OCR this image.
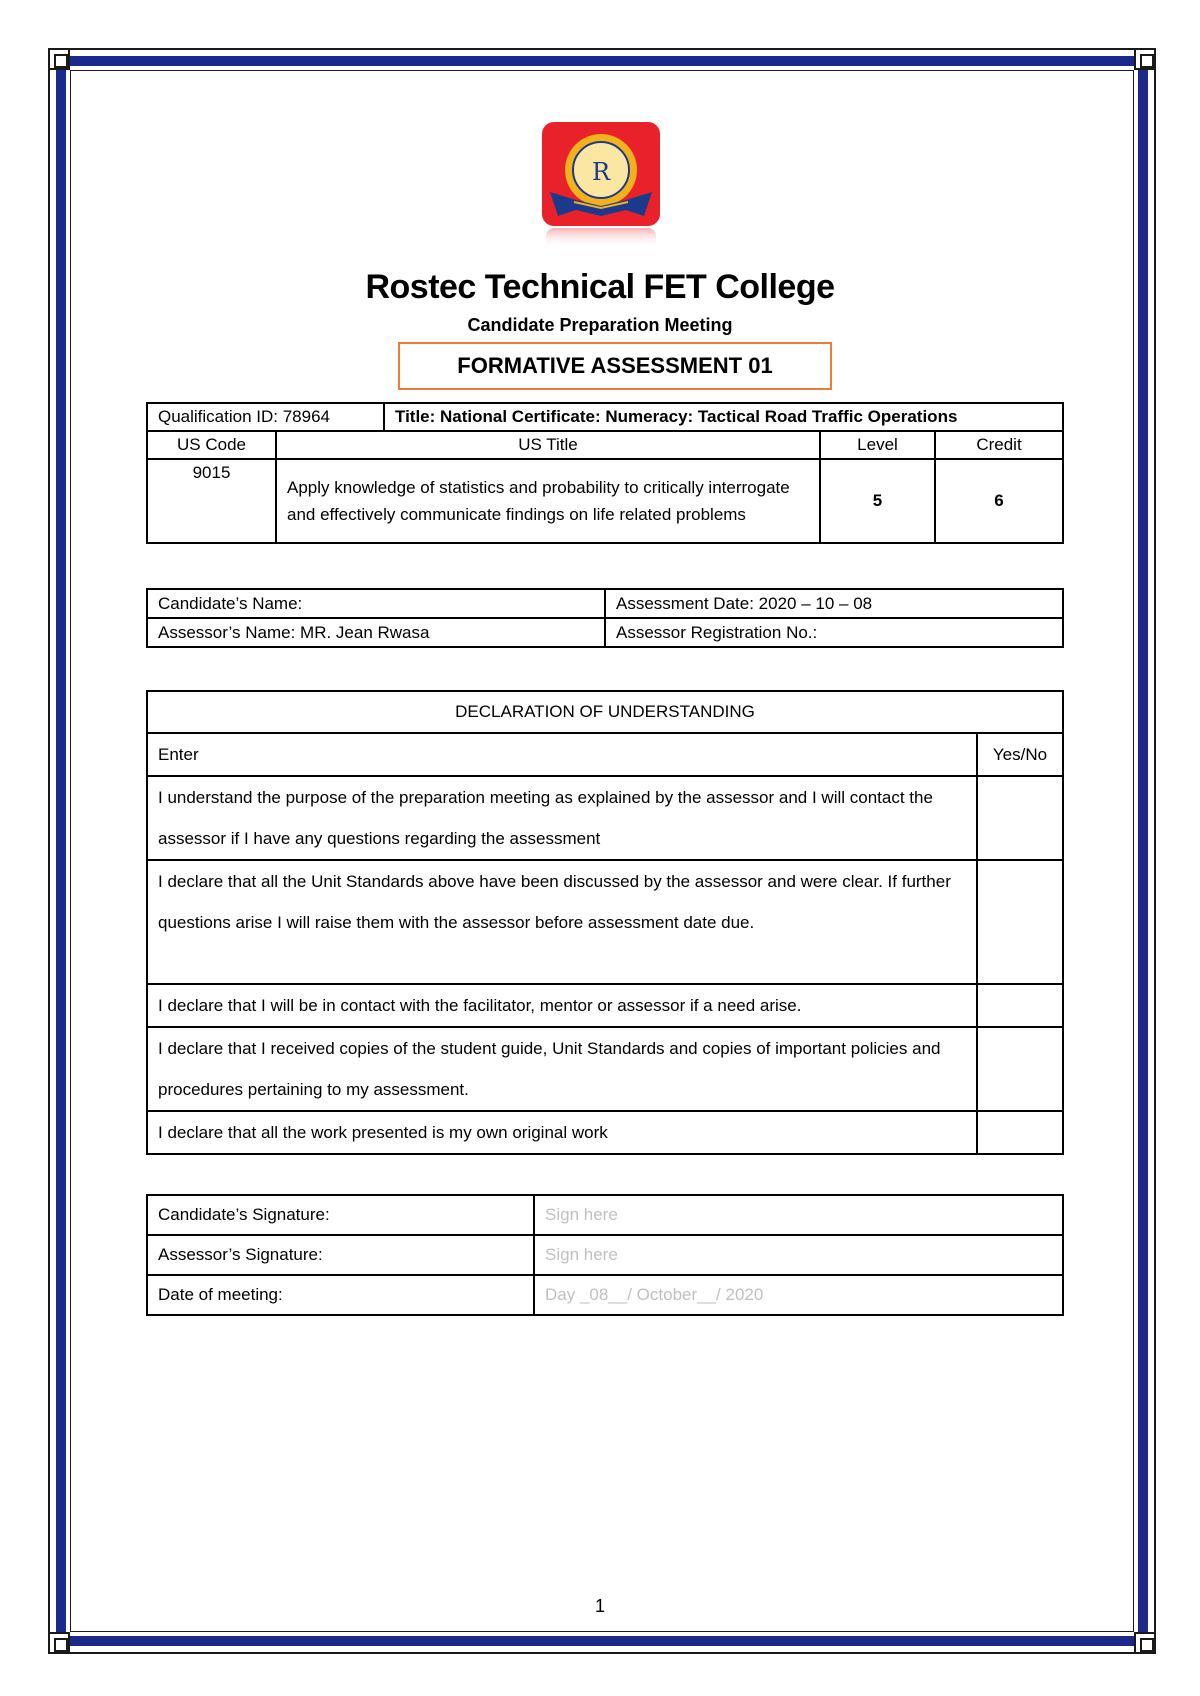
R
Rostec Technical FET College
Candidate Preparation Meeting
FORMATIVE ASSESSMENT 01
Qualification ID: 78964		Title: National Certificate: Numeracy: Tactical Road Traffic Operations		
US Code	US Title		Level	Credit
9015	Apply knowledge of statistics and probability to critically interrogate and effectively communicate findings on life related problems		5	6
Candidate’s Name:	Assessment Date: 2020 – 10 – 08
Assessor’s Name: MR. Jean Rwasa	Assessor Registration No.:
DECLARATION OF UNDERSTANDING	
Enter	Yes/No
I understand the purpose of the preparation meeting as explained by the assessor and I will contact the assessor if I have any questions regarding the assessment	
I declare that all the Unit Standards above have been discussed by the assessor and were clear. If further questions arise I will raise them with the assessor before assessment date due.	
I declare that I will be in contact with the facilitator, mentor or assessor if a need arise.	
I declare that I received copies of the student guide, Unit Standards and copies of important policies and procedures pertaining to my assessment.	
I declare that all the work presented is my own original work	
Candidate’s Signature:	Sign here
Assessor’s Signature:	Sign here
Date of meeting:	Day _08__/ October__/ 2020
1
